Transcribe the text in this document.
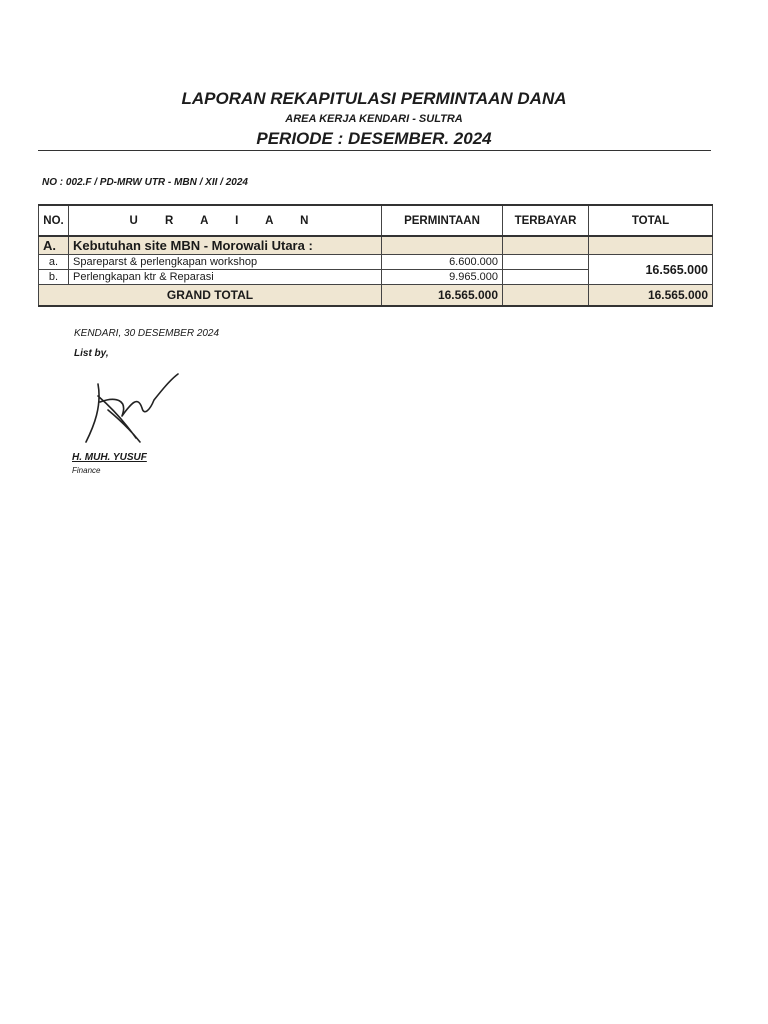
LAPORAN REKAPITULASI PERMINTAAN DANA
AREA KERJA KENDARI - SULTRA
PERIODE : DESEMBER. 2024
NO : 002.F / PD-MRW UTR - MBN / XII / 2024
NO.	U R A I A N	PERMINTAAN	TERBAYAR	TOTAL
A.	Kebutuhan site MBN - Morowali Utara :			
a.	Spareparst & perlengkapan workshop	6.600.000		16.565.000
b.	Perlengkapan ktr & Reparasi	9.965.000		
GRAND TOTAL		16.565.000		16.565.000
KENDARI, 30 DESEMBER 2024
List by,
H. MUH. YUSUF
Finance
